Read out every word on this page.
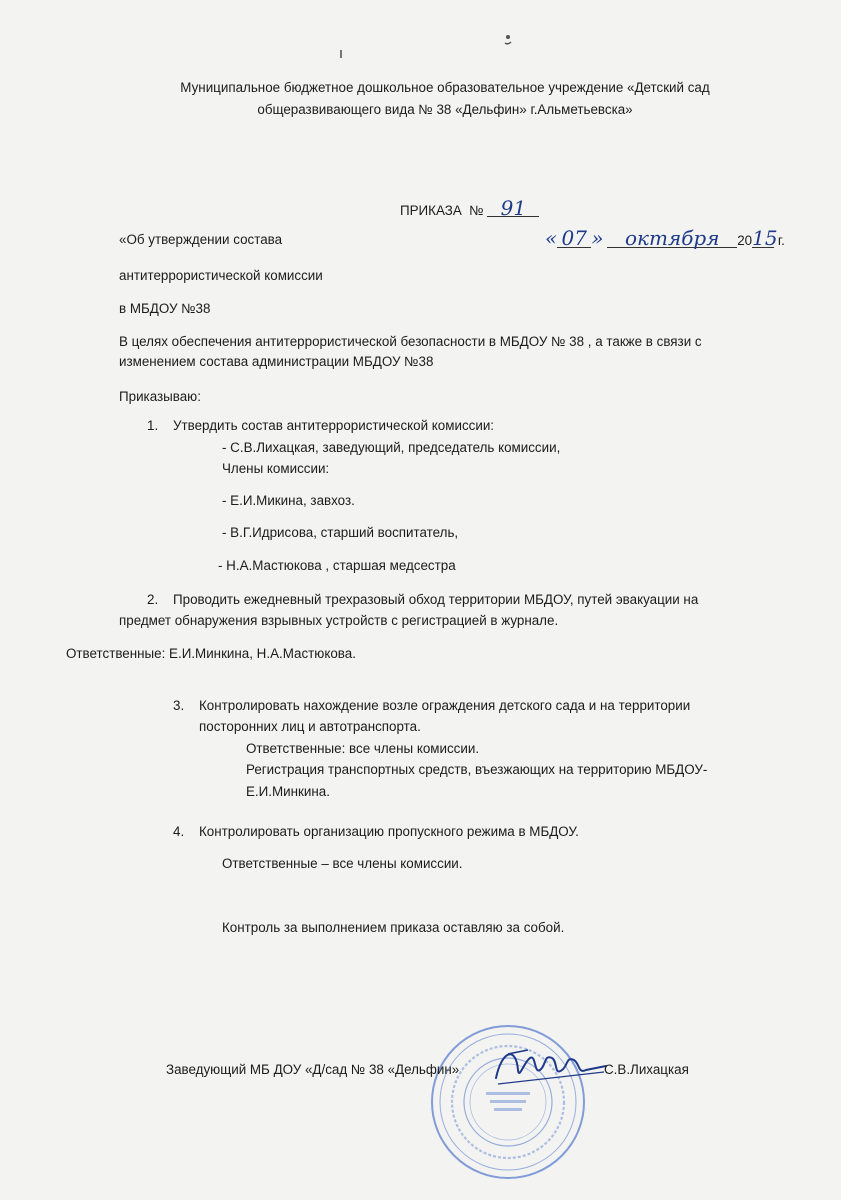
Муниципальное бюджетное дошкольное образовательное учреждение «Детский сад
общеразвивающего вида № 38 «Дельфин» г.Альметьевска»
ПРИКАЗА № 91
«Об утверждении состава
антитеррористической комиссии
в МБДОУ №38
« 07 » октября 2015 г.
В целях обеспечения антитеррористической безопасности в МБДОУ № 38 , а также в связи с
изменением состава администрации МБДОУ №38
Приказываю:
1. Утвердить состав антитеррористической комиссии:
- С.В.Лихацкая, заведующий, председатель комиссии,
Члены комиссии:
- Е.И.Микина, завхоз.
- В.Г.Идрисова, старший воспитатель,
- Н.А.Мастюкова , старшая медсестра
2. Проводить ежедневный трехразовый обход территории МБДОУ, путей эвакуации на
предмет обнаружения взрывных устройств с регистрацией в журнале.
Ответственные: Е.И.Минкина, Н.А.Мастюкова.
3. Контролировать нахождение возле ограждения детского сада и на территории
посторонних лиц и автотранспорта.
Ответственные: все члены комиссии.
Регистрация транспортных средств, въезжающих на территорию МБДОУ-
Е.И.Минкина.
4. Контролировать организацию пропускного режима в МБДОУ.
Ответственные – все члены комиссии.
Контроль за выполнением приказа оставляю за собой.
Заведующий МБ ДОУ «Д/сад № 38 «Дельфин»	С.В.Лихацкая
